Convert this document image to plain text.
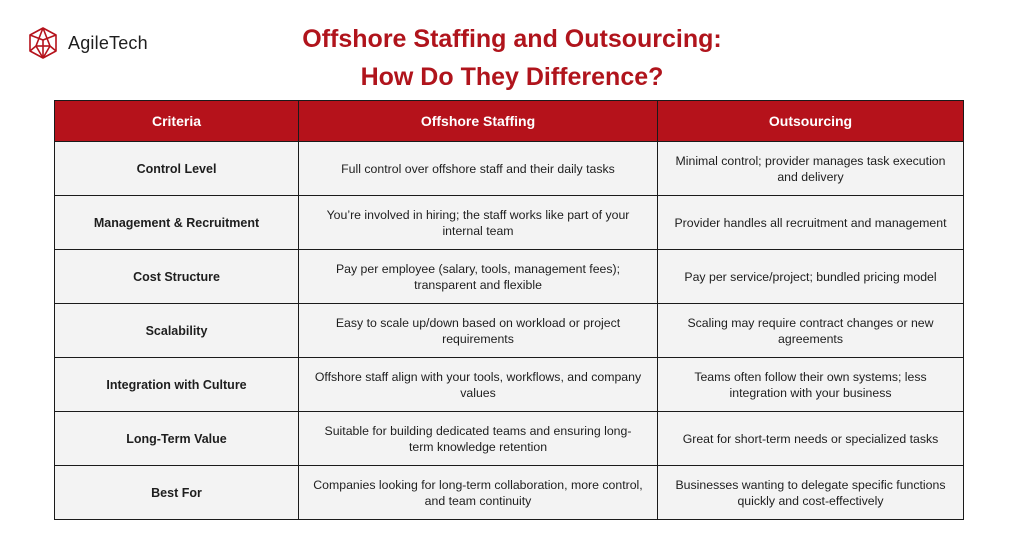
AgileTech	Offshore Staffing and Outsourcing:
How Do They Difference?
Criteria	Offshore Staffing	Outsourcing
Control Level	Full control over offshore staff and their daily tasks	Minimal control; provider manages task execution and delivery
Management & Recruitment	You’re involved in hiring; the staff works like part of your internal team	Provider handles all recruitment and management
Cost Structure	Pay per employee (salary, tools, management fees); transparent and flexible	Pay per service/project; bundled pricing model
Scalability	Easy to scale up/down based on workload or project requirements	Scaling may require contract changes or new agreements
Integration with Culture	Offshore staff align with your tools, workflows, and company values	Teams often follow their own systems; less integration with your business
Long-Term Value	Suitable for building dedicated teams and ensuring long-term knowledge retention	Great for short-term needs or specialized tasks
Best For	Companies looking for long-term collaboration, more control, and team continuity	Businesses wanting to delegate specific functions quickly and cost-effectively
